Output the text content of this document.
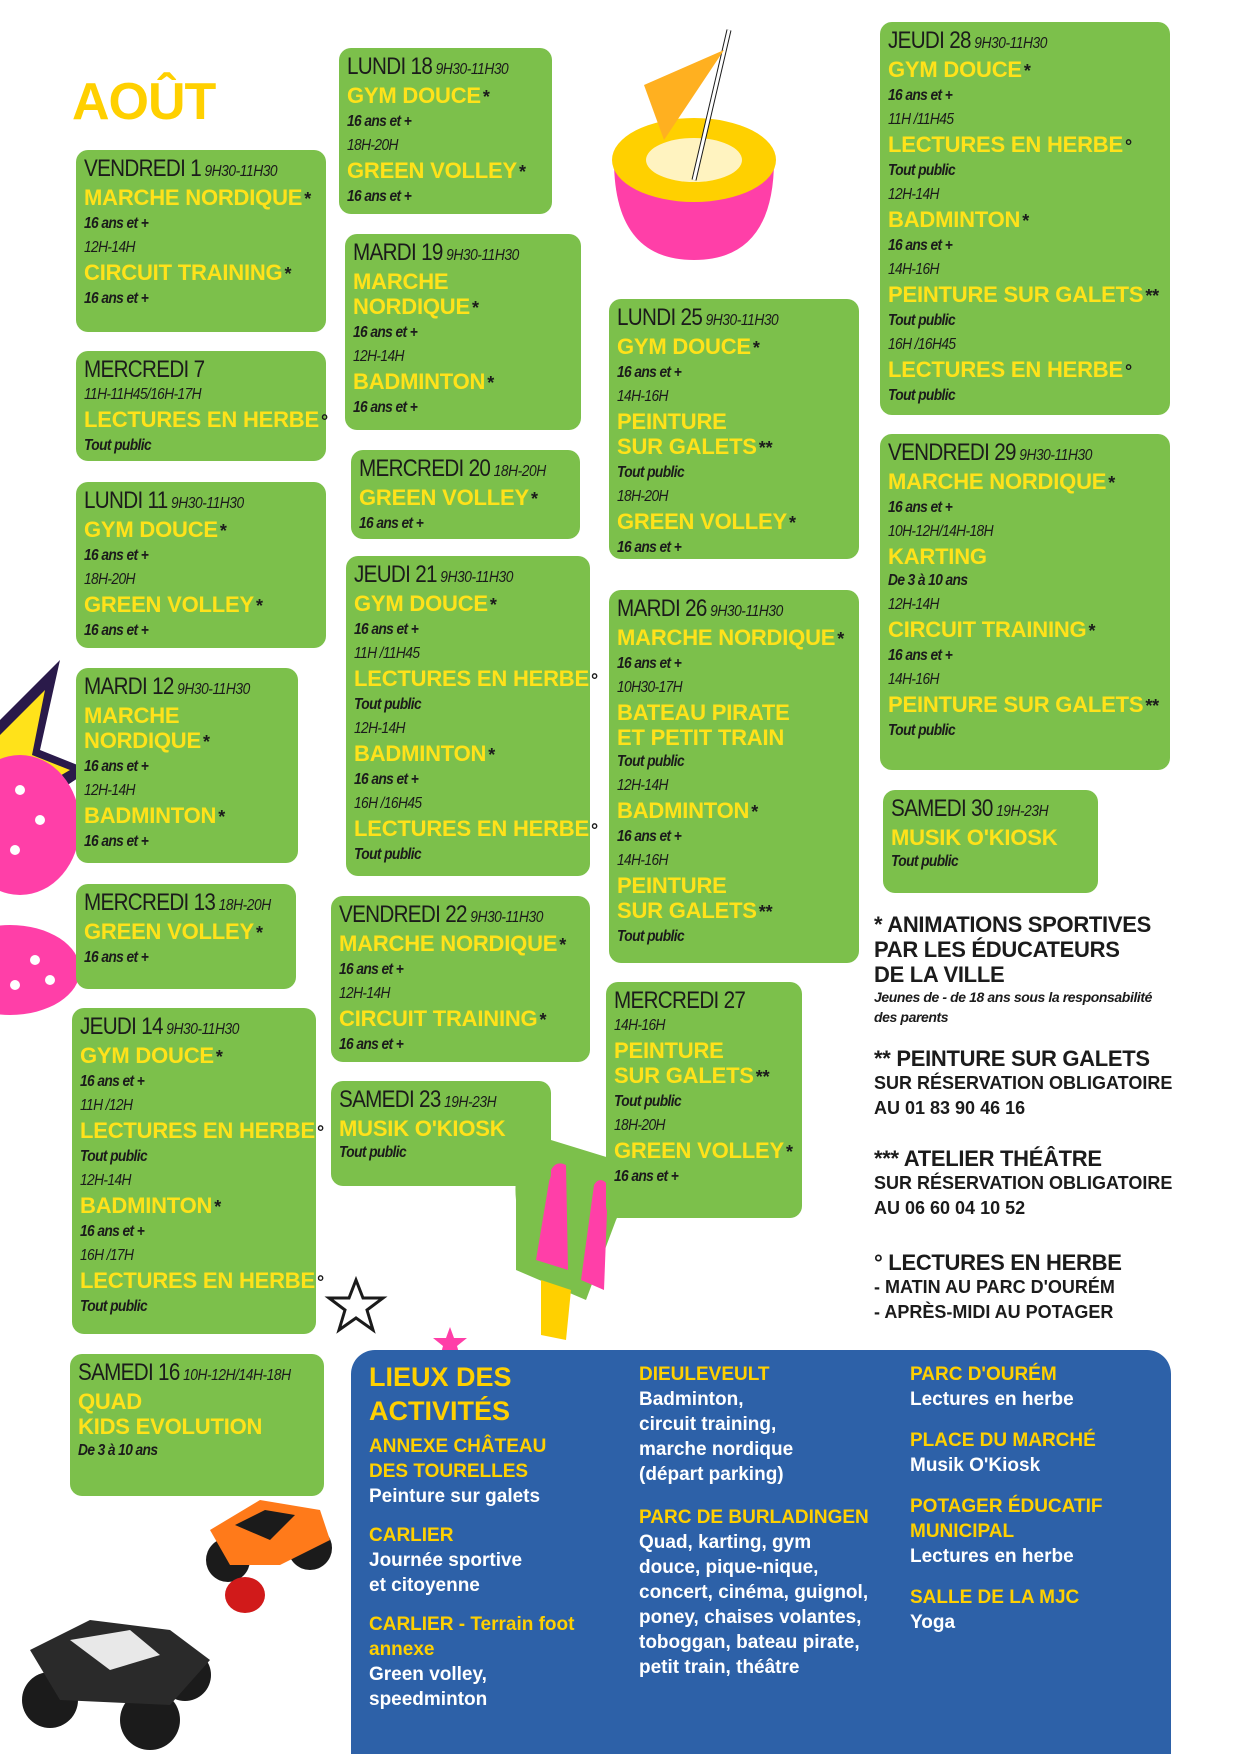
AOÛT
VENDREDI 1 9H30-11H30
MARCHE NORDIQUE *
16 ans et +
12H-14H
CIRCUIT TRAINING *
16 ans et +
MERCREDI 7
11H-11H45/16H-17H
LECTURES EN HERBE °
Tout public
LUNDI 11 9H30-11H30
GYM DOUCE *
16 ans et +
18H-20H
GREEN VOLLEY *
16 ans et +
MARDI 12 9H30-11H30
MARCHE
NORDIQUE *
16 ans et +
12H-14H
BADMINTON *
16 ans et +
MERCREDI 13 18H-20H
GREEN VOLLEY *
16 ans et +
JEUDI 14 9H30-11H30
GYM DOUCE *
16 ans et +
11H /12H
LECTURES EN HERBE °
Tout public
12H-14H
BADMINTON *
16 ans et +
16H /17H
LECTURES EN HERBE °
Tout public
SAMEDI 16 10H-12H/14H-18H
QUAD
KIDS EVOLUTION
De 3 à 10 ans
LUNDI 18 9H30-11H30
GYM DOUCE *
16 ans et +
18H-20H
GREEN VOLLEY *
16 ans et +
MARDI 19 9H30-11H30
MARCHE
NORDIQUE *
16 ans et +
12H-14H
BADMINTON *
16 ans et +
MERCREDI 20 18H-20H
GREEN VOLLEY *
16 ans et +
JEUDI 21 9H30-11H30
GYM DOUCE *
16 ans et +
11H /11H45
LECTURES EN HERBE °
Tout public
12H-14H
BADMINTON *
16 ans et +
16H /16H45
LECTURES EN HERBE °
Tout public
VENDREDI 22 9H30-11H30
MARCHE NORDIQUE *
16 ans et +
12H-14H
CIRCUIT TRAINING *
16 ans et +
SAMEDI 23 19H-23H
MUSIK O'KIOSK
Tout public
LUNDI 25 9H30-11H30
GYM DOUCE *
16 ans et +
14H-16H
PEINTURE
SUR GALETS **
Tout public
18H-20H
GREEN VOLLEY *
16 ans et +
MARDI 26 9H30-11H30
MARCHE NORDIQUE *
16 ans et +
10H30-17H
BATEAU PIRATE
ET PETIT TRAIN
Tout public
12H-14H
BADMINTON *
16 ans et +
14H-16H
PEINTURE
SUR GALETS **
Tout public
MERCREDI 27
14H-16H
PEINTURE
SUR GALETS **
Tout public
18H-20H
GREEN VOLLEY *
16 ans et +
JEUDI 28 9H30-11H30
GYM DOUCE *
16 ans et +
11H /11H45
LECTURES EN HERBE °
Tout public
12H-14H
BADMINTON *
16 ans et +
14H-16H
PEINTURE SUR GALETS **
Tout public
16H /16H45
LECTURES EN HERBE °
Tout public
VENDREDI 29 9H30-11H30
MARCHE NORDIQUE *
16 ans et +
10H-12H/14H-18H
KARTING
De 3 à 10 ans
12H-14H
CIRCUIT TRAINING *
16 ans et +
14H-16H
PEINTURE SUR GALETS **
Tout public
SAMEDI 30 19H-23H
MUSIK O'KIOSK
Tout public
* ANIMATIONS SPORTIVES
PAR LES ÉDUCATEURS
DE LA VILLE
Jeunes de - de 18 ans sous la responsabilité
des parents
** PEINTURE SUR GALETS
SUR RÉSERVATION OBLIGATOIRE
AU 01 83 90 46 16
*** ATELIER THÉÂTRE
SUR RÉSERVATION OBLIGATOIRE
AU 06 60 04 10 52
° LECTURES EN HERBE
- MATIN AU PARC D'OURÉM
- APRÈS-MIDI AU POTAGER
LIEUX DES
ACTIVITÉS
ANNEXE CHÂTEAU
DES TOURELLES
Peinture sur galets
CARLIER
Journée sportive
et citoyenne
CARLIER - Terrain foot
annexe
Green volley,
speedminton
DIEULEVEULT
Badminton,
circuit training,
marche nordique
(départ parking)
PARC DE BURLADINGEN
Quad, karting, gym
douce, pique-nique,
concert, cinéma, guignol,
poney, chaises volantes,
toboggan, bateau pirate,
petit train, théâtre
PARC D'OURÉM
Lectures en herbe
PLACE DU MARCHÉ
Musik O'Kiosk
POTAGER ÉDUCATIF
MUNICIPAL
Lectures en herbe
SALLE DE LA MJC
Yoga
